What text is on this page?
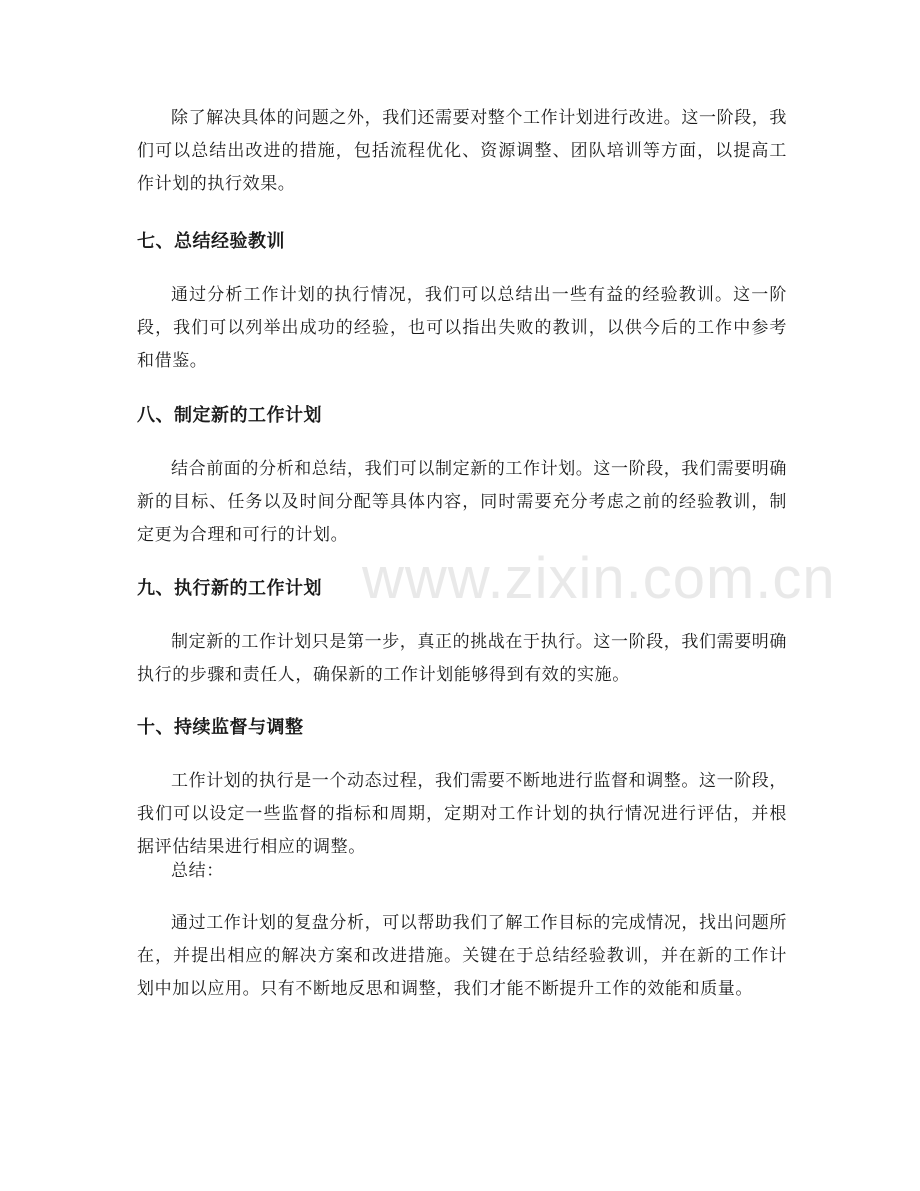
www.zixin.com.cn

除了解决具体的问题之外，我们还需要对整个工作计划进行改进。这一阶段，我们可以总结出改进的措施，包括流程优化、资源调整、团队培训等方面，以提高工作计划的执行效果。

七、总结经验教训

通过分析工作计划的执行情况，我们可以总结出一些有益的经验教训。这一阶段，我们可以列举出成功的经验，也可以指出失败的教训，以供今后的工作中参考和借鉴。

八、制定新的工作计划

结合前面的分析和总结，我们可以制定新的工作计划。这一阶段，我们需要明确新的目标、任务以及时间分配等具体内容，同时需要充分考虑之前的经验教训，制定更为合理和可行的计划。

九、执行新的工作计划

制定新的工作计划只是第一步，真正的挑战在于执行。这一阶段，我们需要明确执行的步骤和责任人，确保新的工作计划能够得到有效的实施。

十、持续监督与调整

工作计划的执行是一个动态过程，我们需要不断地进行监督和调整。这一阶段，我们可以设定一些监督的指标和周期，定期对工作计划的执行情况进行评估，并根据评估结果进行相应的调整。

总结：

通过工作计划的复盘分析，可以帮助我们了解工作目标的完成情况，找出问题所在，并提出相应的解决方案和改进措施。关键在于总结经验教训，并在新的工作计划中加以应用。只有不断地反思和调整，我们才能不断提升工作的效能和质量。
